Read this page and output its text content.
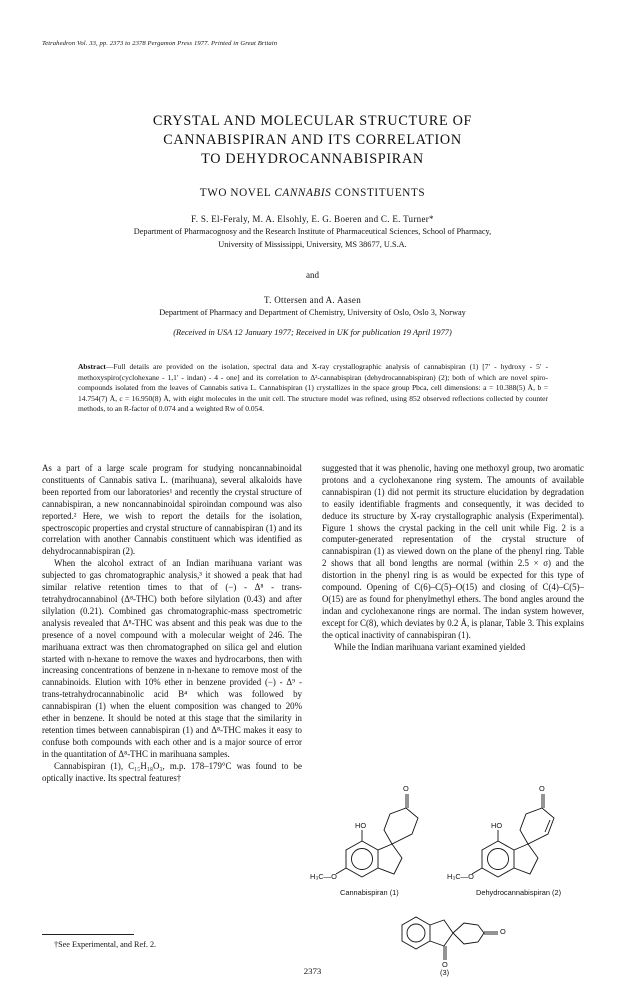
Tetrahedron Vol. 33, pp. 2373 to 2378 Pergamon Press 1977. Printed in Great Britain
CRYSTAL AND MOLECULAR STRUCTURE OF
CANNABISPIRAN AND ITS CORRELATION
TO DEHYDROCANNABISPIRAN
TWO NOVEL CANNABIS CONSTITUENTS
F. S. El-Feraly, M. A. Elsohly, E. G. Boeren and C. E. Turner*
Department of Pharmacognosy and the Research Institute of Pharmaceutical Sciences, School of Pharmacy,
University of Mississippi, University, MS 38677, U.S.A.
and
T. Ottersen and A. Aasen
Department of Pharmacy and Department of Chemistry, University of Oslo, Oslo 3, Norway
(Received in USA 12 January 1977; Received in UK for publication 19 April 1977)
Abstract—Full details are provided on the isolation, spectral data and X-ray crystallographic analysis of cannabispiran (1) [7′ - hydroxy - 5′ - methoxyspiro(cyclohexane - 1,1′ - indan) - 4 - one] and its correlation to Δ²-cannabispiran (dehydrocannabispiran) (2); both of which are novel spiro-compounds isolated from the leaves of Cannabis sativa L. Cannabispiran (1) crystallizes in the space group Pbca, cell dimensions: a = 10.388(5) Å, b = 14.754(7) Å, c = 16.950(8) Å, with eight molecules in the unit cell. The structure model was refined, using 852 observed reflections collected by counter methods, to an R-factor of 0.074 and a weighted Rw of 0.054.

As a part of a large scale program for studying noncannabinoidal constituents of Cannabis sativa L. (marihuana), several alkaloids have been reported from our laboratories¹ and recently the crystal structure of cannabispiran, a new noncannabinoidal spiroindan compound was also reported.² Here, we wish to report the details for the isolation, spectroscopic properties and crystal structure of cannabispiran (1) and its correlation with another Cannabis constituent which was identified as dehydrocannabispiran (2).

When the alcohol extract of an Indian marihuana variant was subjected to gas chromatographic analysis,³ it showed a peak that had similar relative retention times to that of (−) - Δ⁸ - trans-tetrahydrocannabinol (Δ⁸-THC) both before silylation (0.43) and after silylation (0.21). Combined gas chromatographic-mass spectrometric analysis revealed that Δ⁸-THC was absent and this peak was due to the presence of a novel compound with a molecular weight of 246. The marihuana extract was then chromatographed on silica gel and elution started with n-hexane to remove the waxes and hydrocarbons, then with increasing concentrations of benzene in n-hexane to remove most of the cannabinoids. Elution with 10% ether in benzene provided (−) - Δ⁹ - trans-tetrahydrocannabinolic acid B⁴ which was followed by cannabispiran (1) when the eluent composition was changed to 20% ether in benzene. It should be noted at this stage that the similarity in retention times between cannabispiran (1) and Δ⁸-THC makes it easy to confuse both compounds with each other and is a major source of error in the quantitation of Δ⁸-THC in marihuana samples.

Cannabispiran (1), C₁₅H₁₈O₃, m.p. 178–179°C was found to be optically inactive. Its spectral features†

suggested that it was phenolic, having one methoxyl group, two aromatic protons and a cyclohexanone ring system. The amounts of available cannabispiran (1) did not permit its structure elucidation by degradation to easily identifiable fragments and consequently, it was decided to deduce its structure by X-ray crystallographic analysis (Experimental). Figure 1 shows the crystal packing in the cell unit while Fig. 2 is a computer-generated representation of the crystal structure of cannabispiran (1) as viewed down on the plane of the phenyl ring. Table 2 shows that all bond lengths are normal (within 2.5 × σ) and the distortion in the phenyl ring is as would be expected for this type of compound. Opening of C(6)–C(5)–O(15) and closing of C(4)–C(5)–O(15) are as found for phenylmethyl ethers. The bond angles around the indan and cyclohexanone rings are normal. The indan system however, except for C(8), which deviates by 0.2 Å, is planar, Table 3. This explains the optical inactivity of cannabispiran (1).

While the Indian marihuana variant examined yielded

O
HO
H₃C—O
Cannabispiran (1)
O
HO
H₃C—O
Dehydrocannabispiran (2)
O
O
(3)
†See Experimental, and Ref. 2.
2373
